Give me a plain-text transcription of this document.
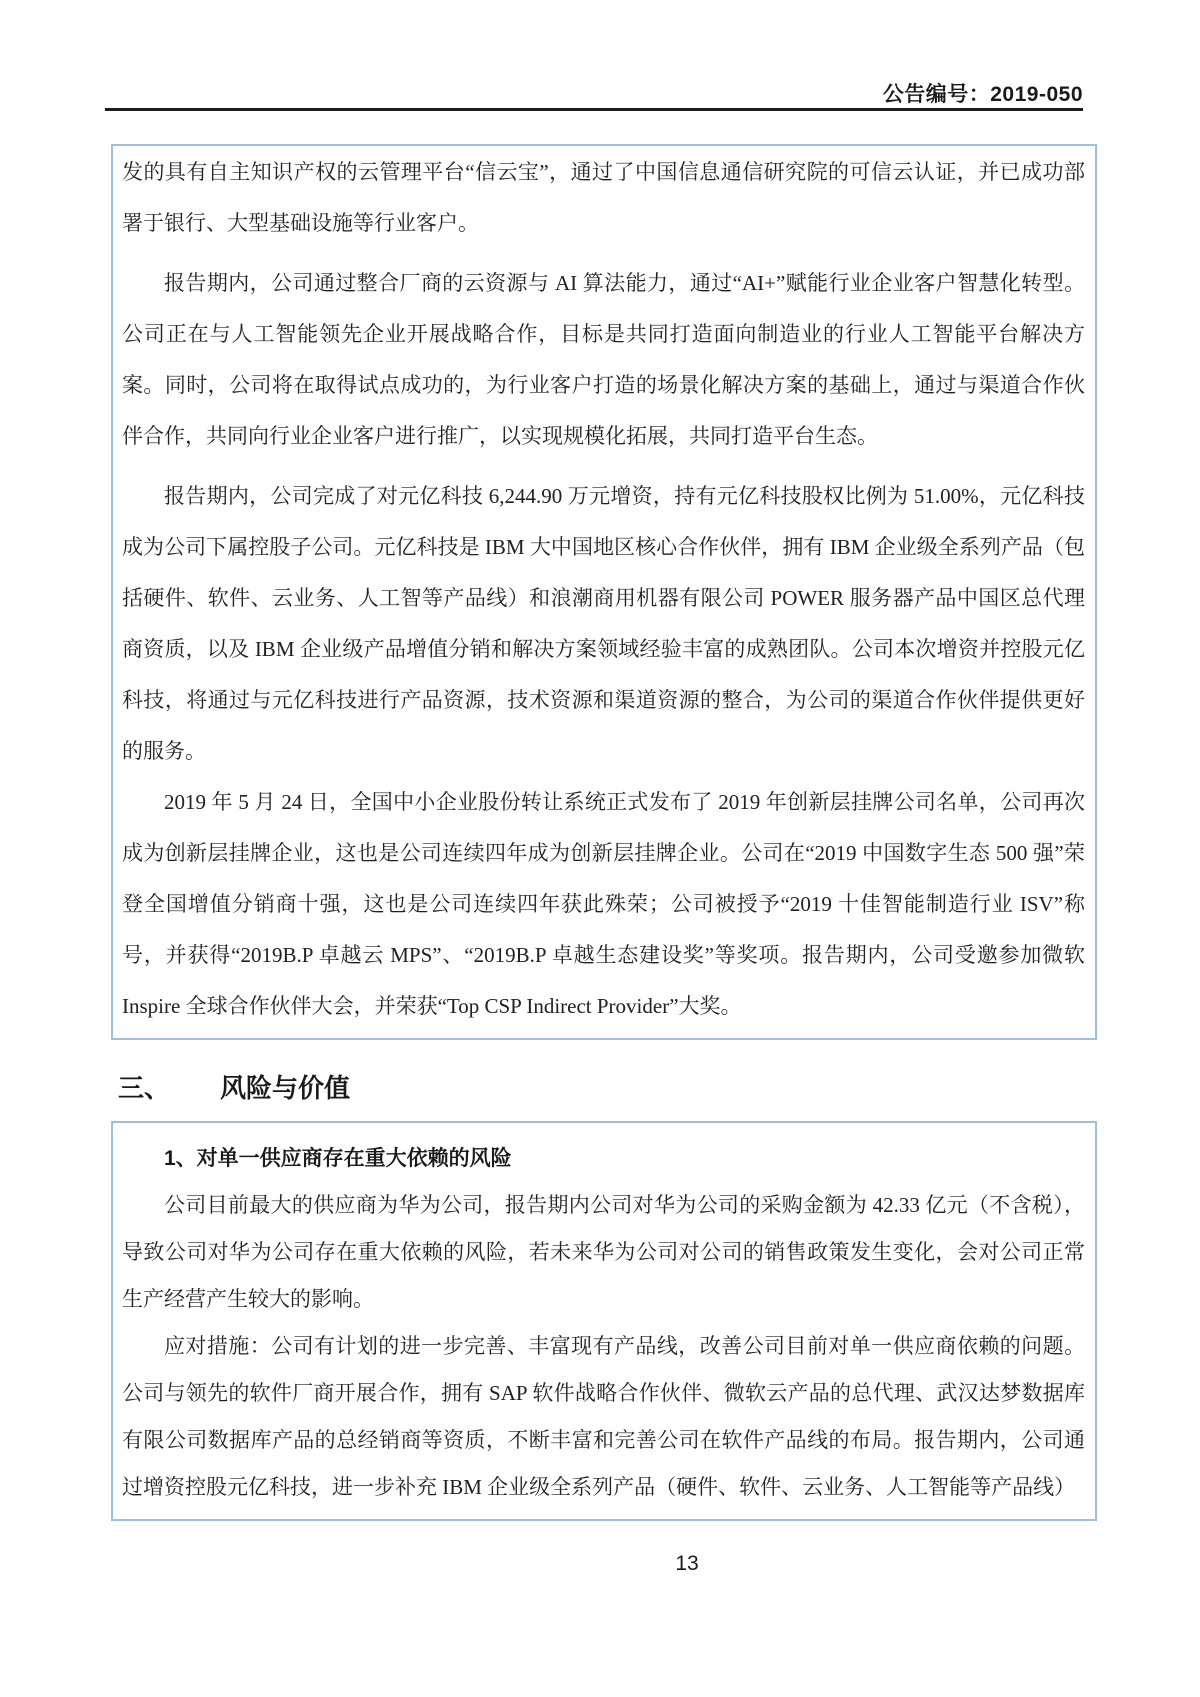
公告编号：2019-050

发的具有自主知识产权的云管理平台“信云宝”，通过了中国信息通信研究院的可信云认证，并已成功部署于银行、大型基础设施等行业客户。

报告期内，公司通过整合厂商的云资源与 AI 算法能力，通过“AI+”赋能行业企业客户智慧化转型。公司正在与人工智能领先企业开展战略合作，目标是共同打造面向制造业的行业人工智能平台解决方案。同时，公司将在取得试点成功的，为行业客户打造的场景化解决方案的基础上，通过与渠道合作伙伴合作，共同向行业企业客户进行推广，以实现规模化拓展，共同打造平台生态。

报告期内，公司完成了对元亿科技 6,244.90 万元增资，持有元亿科技股权比例为 51.00%，元亿科技成为公司下属控股子公司。元亿科技是 IBM 大中国地区核心合作伙伴，拥有 IBM 企业级全系列产品（包括硬件、软件、云业务、人工智等产品线）和浪潮商用机器有限公司 POWER 服务器产品中国区总代理商资质，以及 IBM 企业级产品增值分销和解决方案领域经验丰富的成熟团队。公司本次增资并控股元亿科技，将通过与元亿科技进行产品资源，技术资源和渠道资源的整合，为公司的渠道合作伙伴提供更好的服务。

2019 年 5 月 24 日，全国中小企业股份转让系统正式发布了 2019 年创新层挂牌公司名单，公司再次成为创新层挂牌企业，这也是公司连续四年成为创新层挂牌企业。公司在“2019 中国数字生态 500 强”荣登全国增值分销商十强，这也是公司连续四年获此殊荣；公司被授予“2019 十佳智能制造行业 ISV”称号，并获得“2019B.P 卓越云 MPS”、“2019B.P 卓越生态建设奖”等奖项。报告期内，公司受邀参加微软 Inspire 全球合作伙伴大会，并荣获“Top CSP Indirect Provider”大奖。

三、 风险与价值

1、对单一供应商存在重大依赖的风险

公司目前最大的供应商为华为公司，报告期内公司对华为公司的采购金额为 42.33 亿元（不含税），导致公司对华为公司存在重大依赖的风险，若未来华为公司对公司的销售政策发生变化，会对公司正常生产经营产生较大的影响。

应对措施：公司有计划的进一步完善、丰富现有产品线，改善公司目前对单一供应商依赖的问题。公司与领先的软件厂商开展合作，拥有 SAP 软件战略合作伙伴、微软云产品的总代理、武汉达梦数据库有限公司数据库产品的总经销商等资质，不断丰富和完善公司在软件产品线的布局。报告期内，公司通过增资控股元亿科技，进一步补充 IBM 企业级全系列产品（硬件、软件、云业务、人工智能等产品线）

13
